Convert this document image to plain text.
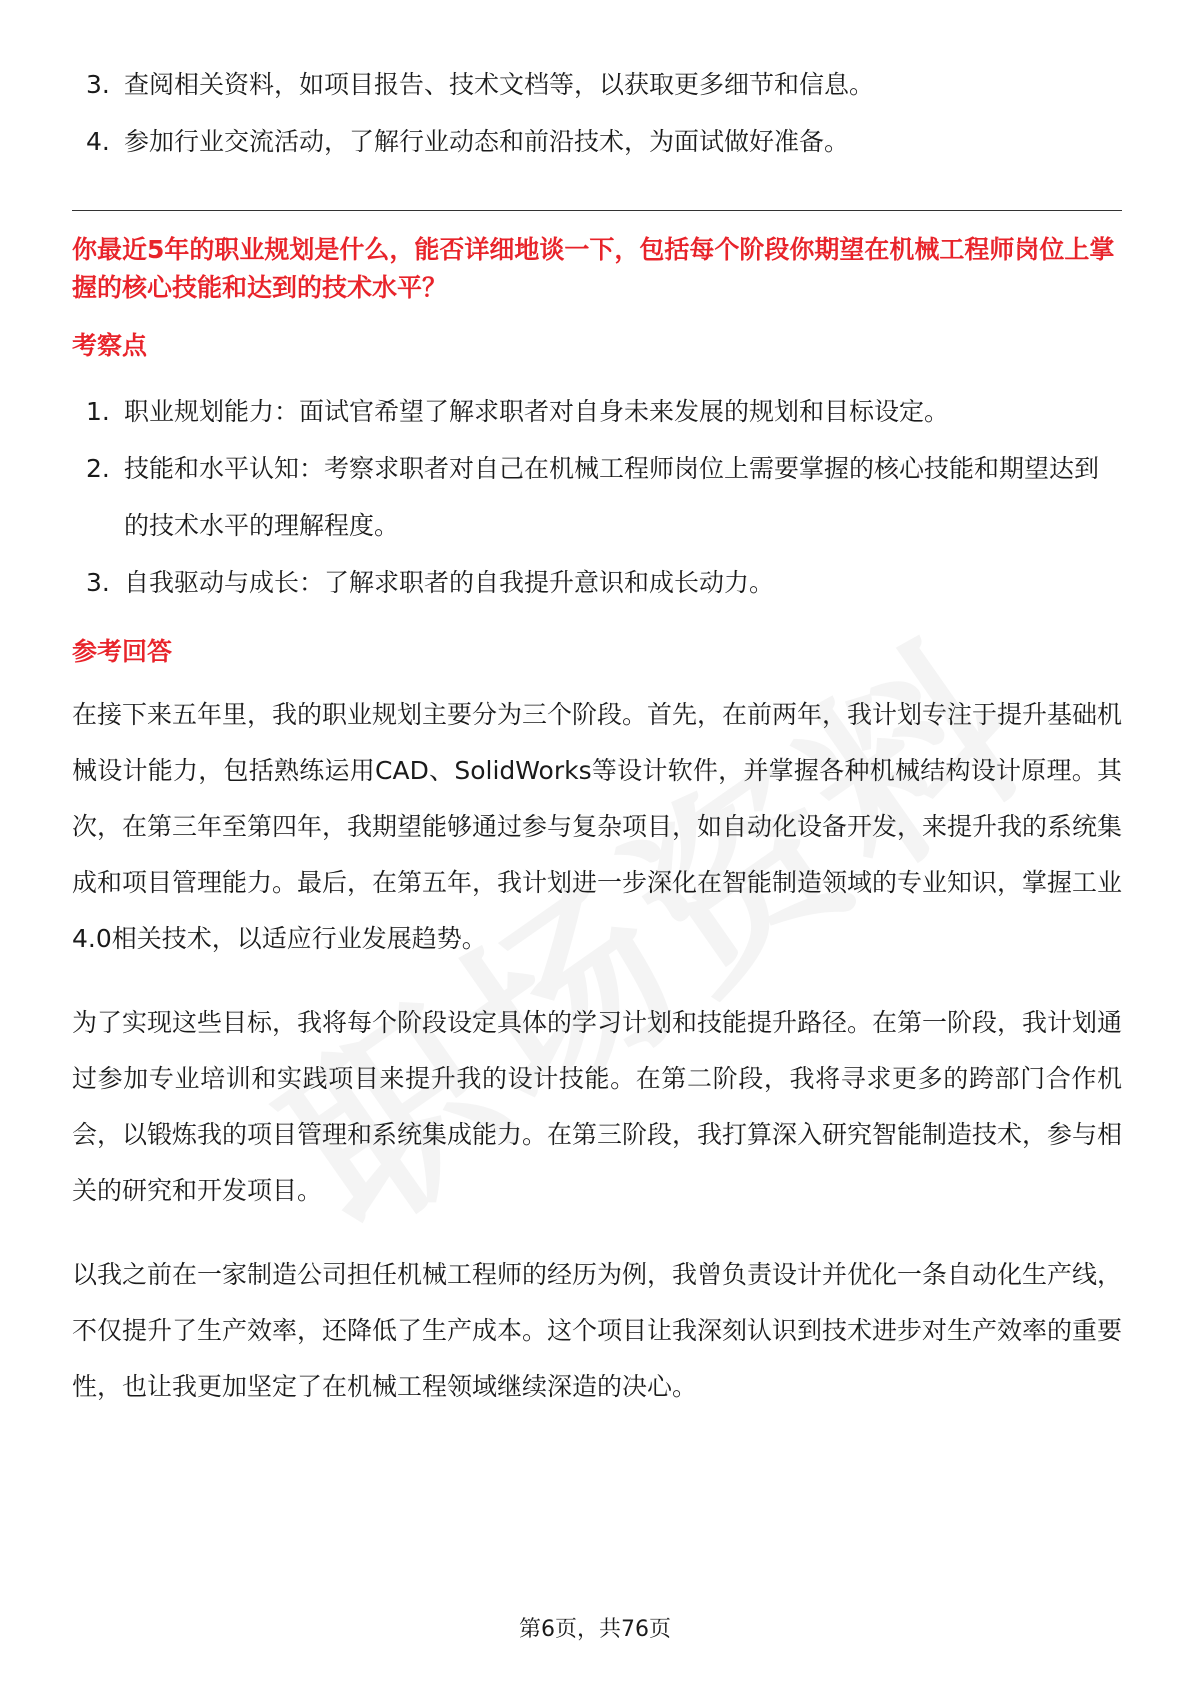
3. 查阅相关资料，如项目报告、技术文档等，以获取更多细节和信息。
4. 参加行业交流活动，了解行业动态和前沿技术，为面试做好准备。

你最近5年的职业规划是什么，能否详细地谈一下，包括每个阶段你期望在机械工程师岗位上掌握的核心技能和达到的技术水平？

考察点
1. 职业规划能力：面试官希望了解求职者对自身未来发展的规划和目标设定。
2. 技能和水平认知：考察求职者对自己在机械工程师岗位上需要掌握的核心技能和期望达到的技术水平的理解程度。
3. 自我驱动与成长：了解求职者的自我提升意识和成长动力。
参考回答

在接下来五年里，我的职业规划主要分为三个阶段。首先，在前两年，我计划专注于提升基础机械设计能力，包括熟练运用CAD、SolidWorks等设计软件，并掌握各种机械结构设计原理。其次，在第三年至第四年，我期望能够通过参与复杂项目，如自动化设备开发，来提升我的系统集成和项目管理能力。最后，在第五年，我计划进一步深化在智能制造领域的专业知识，掌握工业4.0相关技术，以适应行业发展趋势。

为了实现这些目标，我将每个阶段设定具体的学习计划和技能提升路径。在第一阶段，我计划通过参加专业培训和实践项目来提升我的设计技能。在第二阶段，我将寻求更多的跨部门合作机会，以锻炼我的项目管理和系统集成能力。在第三阶段，我打算深入研究智能制造技术，参与相关的研究和开发项目。

以我之前在一家制造公司担任机械工程师的经历为例，我曾负责设计并优化一条自动化生产线，不仅提升了生产效率，还降低了生产成本。这个项目让我深刻认识到技术进步对生产效率的重要性，也让我更加坚定了在机械工程领域继续深造的决心。

第6页，共76页
